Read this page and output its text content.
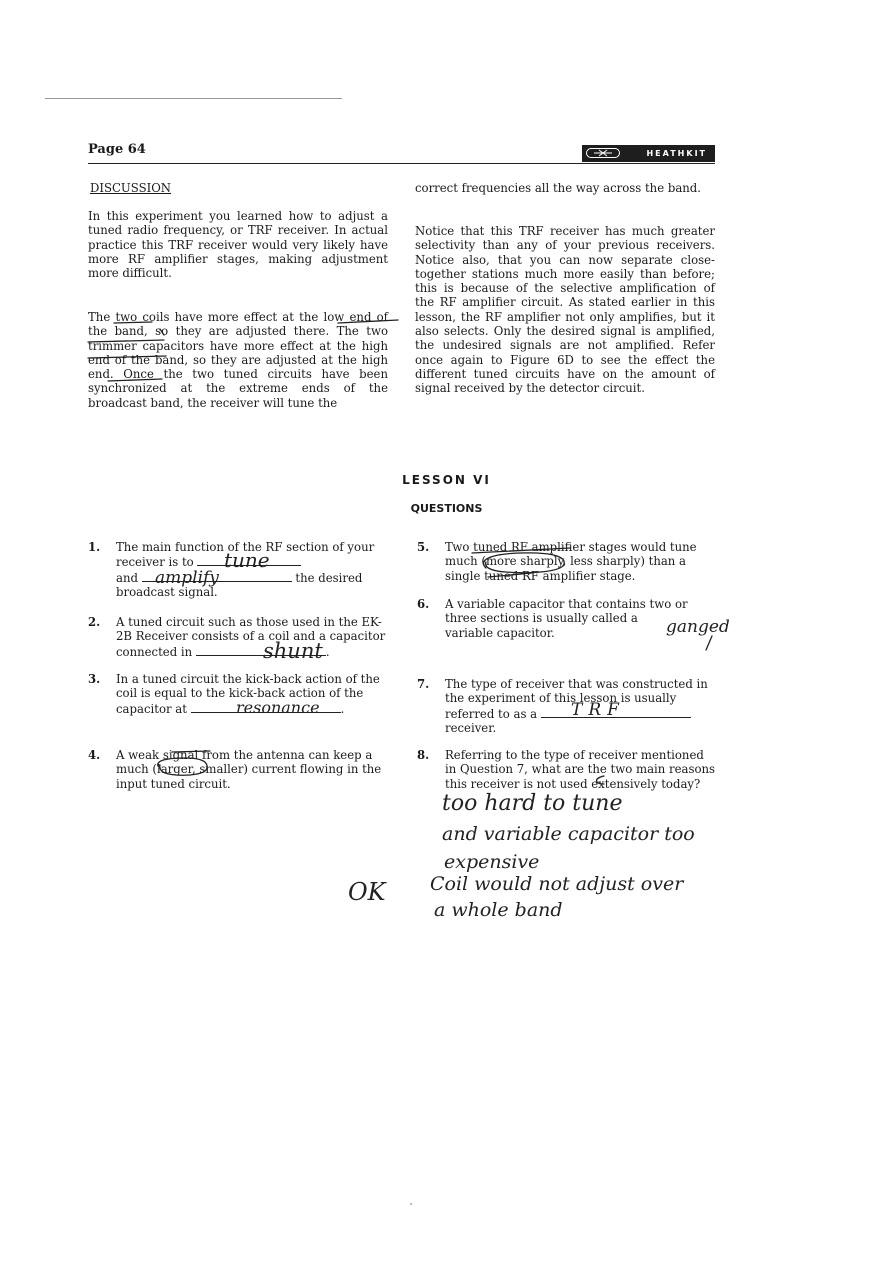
Page 64	HEATHKIT
DISCUSSION

In this experiment you learned how to adjust a tuned radio frequency, or TRF receiver. In actual practice this TRF receiver would very likely have more RF amplifier stages, making adjustment more difficult.

The two coils have more effect at the low end of the band, so they are adjusted there. The two trimmer capacitors have more effect at the high end of the band, so they are adjusted at the high end. Once the two tuned circuits have been synchronized at the extreme ends of the broadcast band, the receiver will tune the

correct frequencies all the way across the band.

Notice that this TRF receiver has much greater selectivity than any of your previous receivers. Notice also, that you can now separate close-together stations much more easily than before; this is because of the selective amplification of the RF amplifier circuit. As stated earlier in this lesson, the RF amplifier not only amplifies, but it also selects. Only the desired signal is amplified, the undesired signals are not amplified. Refer once again to Figure 6D to see the effect the different tuned circuits have on the amount of signal received by the detector circuit.

LESSON VI
QUESTIONS
1. The main function of the RF section of your receiver is to
and	the desired broadcast signal.
tune
amplify
2. A tuned circuit such as those used in the EK-2B Receiver consists of a coil and a capacitor connected in	.
shunt
3. In a tuned circuit the kick-back action of the coil is equal to the kick-back action of the capacitor at	.
resonance
4. A weak signal from the antenna can keep a much (larger, smaller) current flowing in the input tuned circuit.
5. Two tuned RF amplifier stages would tune much (more sharply, less sharply) than a single tuned RF amplifier stage.
6. A variable capacitor that contains two or three sections is usually called a
variable capacitor.	ganged
7. The type of receiver that was constructed in the experiment of this lesson is usually referred to as a
receiver.
TRF
8. Referring to the type of receiver mentioned in Question 7, what are the two main reasons this receiver is not used extensively today?
too hard to tune
and variable capacitor too
expensive
Coil would not adjust over
a whole band
OK
